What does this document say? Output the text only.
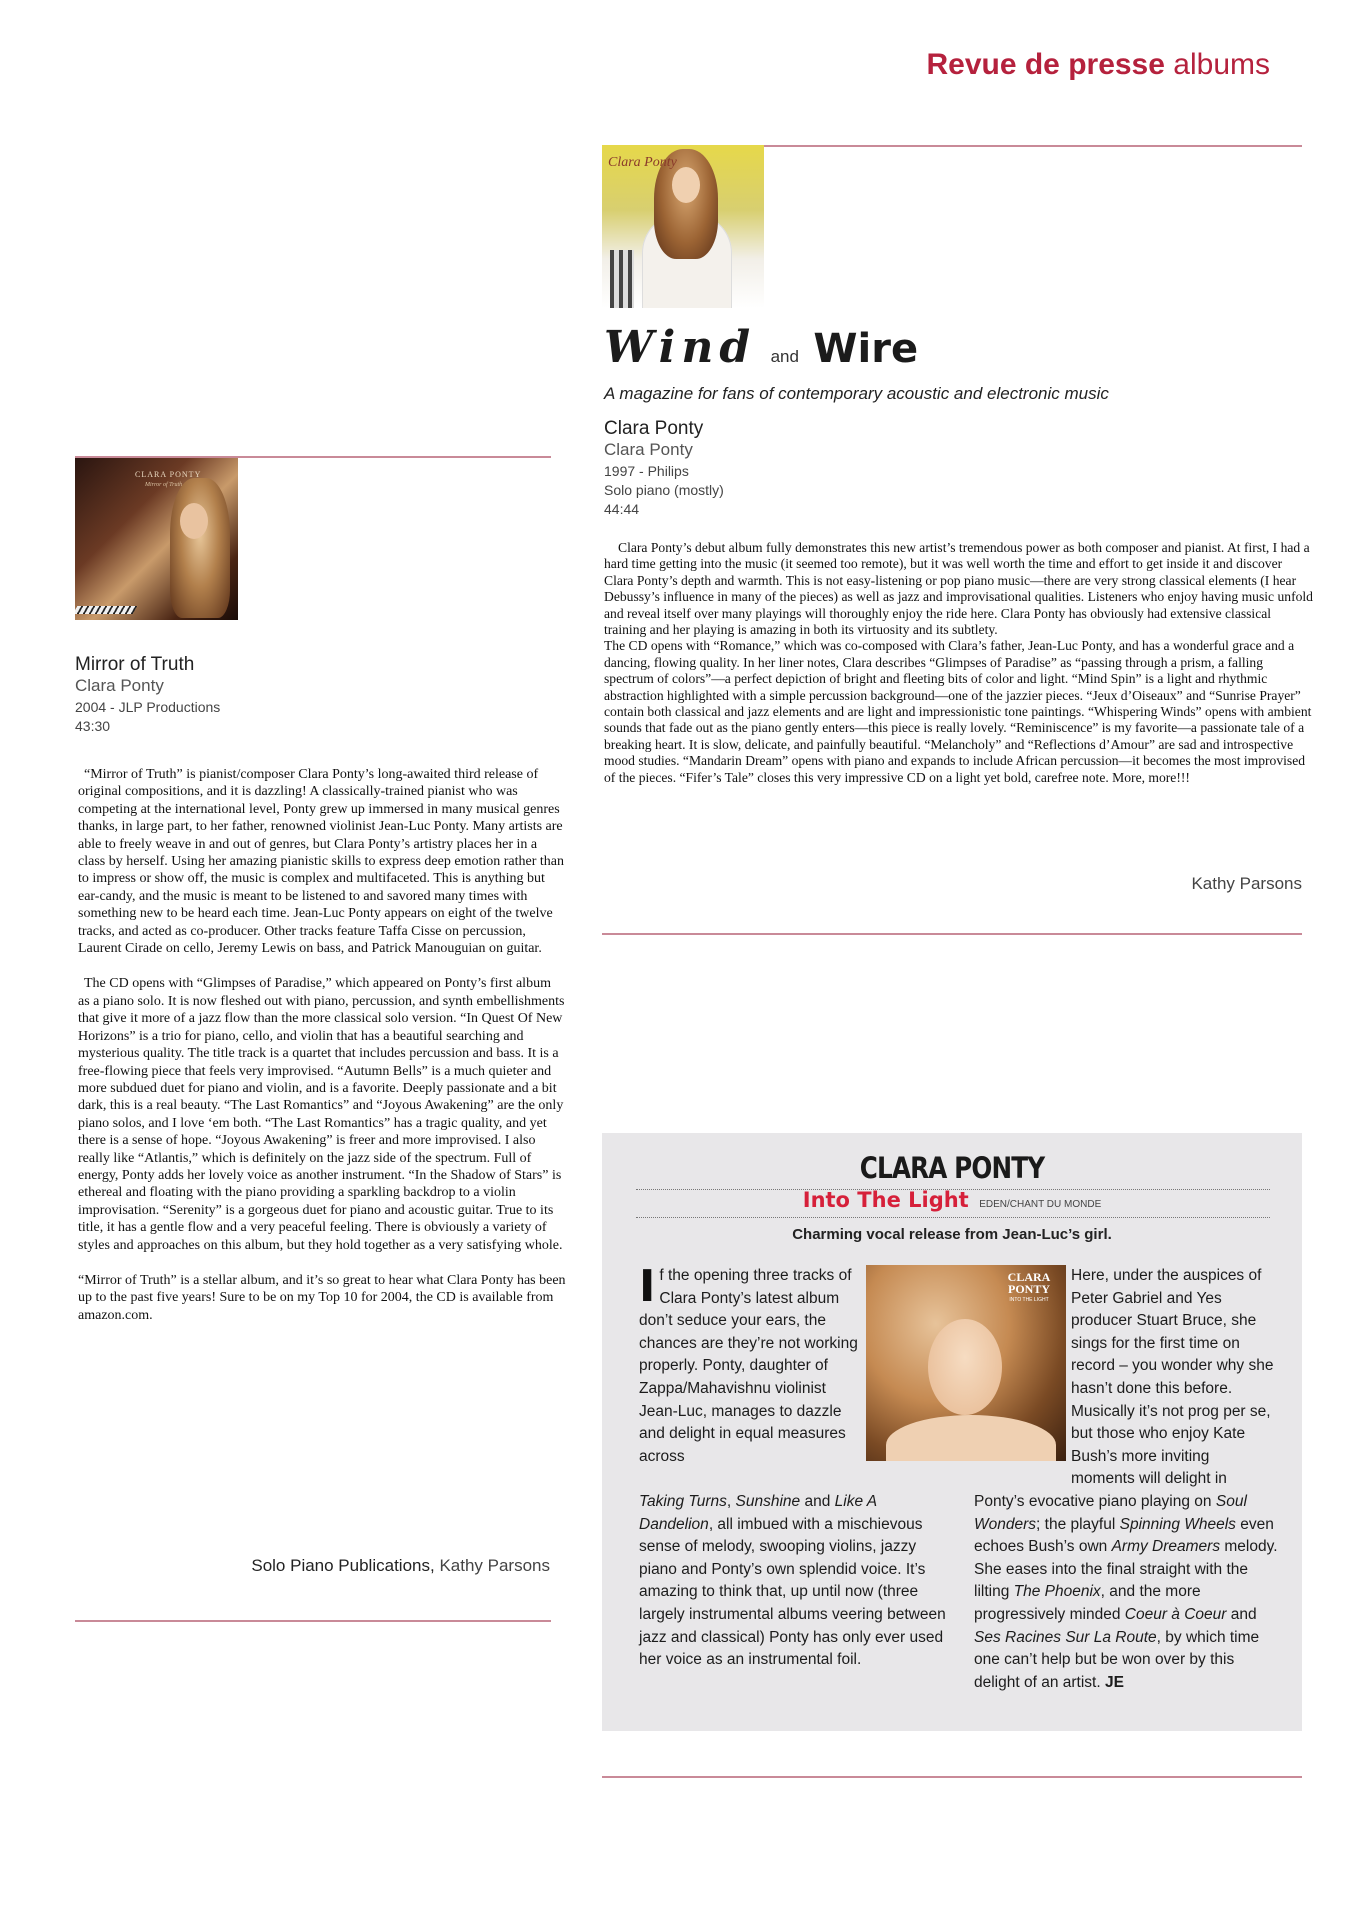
Revue de presse albums
CLARA PONTY
Mirror of Truth
Mirror of Truth
Clara Ponty
2004 - JLP Productions
43:30

“Mirror of Truth” is pianist/composer Clara Ponty’s long-awaited third release of original compositions, and it is dazzling! A classically-trained pianist who was competing at the international level, Ponty grew up immersed in many musical genres thanks, in large part, to her father, renowned violinist Jean-Luc Ponty. Many artists are able to freely weave in and out of genres, but Clara Ponty’s artistry places her in a class by herself. Using her amazing pianistic skills to express deep emotion rather than to impress or show off, the music is complex and multifaceted. This is anything but ear-candy, and the music is meant to be listened to and savored many times with something new to be heard each time. Jean-Luc Ponty appears on eight of the twelve tracks, and acted as co-producer. Other tracks feature Taffa Cisse on percussion, Laurent Cirade on cello, Jeremy Lewis on bass, and Patrick Manouguian on guitar.

The CD opens with “Glimpses of Paradise,” which appeared on Ponty’s first album as a piano solo. It is now fleshed out with piano, percussion, and synth embellishments that give it more of a jazz flow than the more classical solo version. “In Quest Of New Horizons” is a trio for piano, cello, and violin that has a beautiful searching and mysterious quality. The title track is a quartet that includes percussion and bass. It is a free-flowing piece that feels very improvised. “Autumn Bells” is a much quieter and more subdued duet for piano and violin, and is a favorite. Deeply passionate and a bit dark, this is a real beauty. “The Last Romantics” and “Joyous Awakening” are the only piano solos, and I love ‘em both. “The Last Romantics” has a tragic quality, and yet there is a sense of hope. “Joyous Awakening” is freer and more improvised. I also really like “Atlantis,” which is definitely on the jazz side of the spectrum. Full of energy, Ponty adds her lovely voice as another instrument. “In the Shadow of Stars” is ethereal and floating with the piano providing a sparkling backdrop to a violin improvisation. “Serenity” is a gorgeous duet for piano and acoustic guitar. True to its title, it has a gentle flow and a very peaceful feeling. There is obviously a variety of styles and approaches on this album, but they hold together as a very satisfying whole.

“Mirror of Truth” is a stellar album, and it’s so great to hear what Clara Ponty has been up to the past five years! Sure to be on my Top 10 for 2004, the CD is available from amazon.com.

Solo Piano Publications, Kathy Parsons
Clara Ponty
Wind and Wire
A magazine for fans of contemporary acoustic and electronic music
Clara Ponty
Clara Ponty
1997 - Philips
Solo piano (mostly)
44:44
Clara Ponty’s debut album fully demonstrates this new artist’s tremendous power as both composer and pianist. At first, I had a hard time getting into the music (it seemed too remote), but it was well worth the time and effort to get inside it and discover Clara Ponty’s depth and warmth. This is not easy-listening or pop piano music—there are very strong classical elements (I hear Debussy’s influence in many of the pieces) as well as jazz and improvisational qualities. Listeners who enjoy having music unfold and reveal itself over many playings will thoroughly enjoy the ride here. Clara Ponty has obviously had extensive classical training and her playing is amazing in both its virtuosity and its subtlety.
The CD opens with “Romance,” which was co-composed with Clara’s father, Jean-Luc Ponty, and has a wonderful grace and a dancing, flowing quality. In her liner notes, Clara describes “Glimpses of Paradise” as “passing through a prism, a falling spectrum of colors”—a perfect depiction of bright and fleeting bits of color and light. “Mind Spin” is a light and rhythmic abstraction highlighted with a simple percussion background—one of the jazzier pieces. “Jeux d’Oiseaux” and “Sunrise Prayer” contain both classical and jazz elements and are light and impressionistic tone paintings. “Whispering Winds” opens with ambient sounds that fade out as the piano gently enters—this piece is really lovely. “Reminiscence” is my favorite—a passionate tale of a breaking heart. It is slow, delicate, and painfully beautiful. “Melancholy” and “Reflections d’Amour” are sad and introspective mood studies. “Mandarin Dream” opens with piano and expands to include African percussion—it becomes the most improvised of the pieces. “Fifer’s Tale” closes this very impressive CD on a light yet bold, carefree note. More, more!!!
Kathy Parsons
CLARA PONTY
Into The Light EDEN/CHANT DU MONDE
Charming vocal release from Jean-Luc’s girl.
CLARA PONTY
INTO THE LIGHT

If the opening three tracks of Clara Ponty’s latest album don’t seduce your ears, the chances are they’re not working properly. Ponty, daughter of Zappa/Mahavishnu violinist Jean-Luc, manages to dazzle and delight in equal measures across

Taking Turns, Sunshine and Like A Dandelion, all imbued with a mischievous sense of melody, swooping violins, jazzy piano and Ponty’s own splendid voice. It’s amazing to think that, up until now (three largely instrumental albums veering between jazz and classical) Ponty has only ever used her voice as an instrumental foil.

Here, under the auspices of Peter Gabriel and Yes producer Stuart Bruce, she sings for the first time on record – you wonder why she hasn’t done this before. Musically it’s not prog per se, but those who enjoy Kate Bush’s more inviting moments will delight in

Ponty’s evocative piano playing on Soul Wonders; the playful Spinning Wheels even echoes Bush’s own Army Dreamers melody. She eases into the final straight with the lilting The Phoenix, and the more progressively minded Coeur à Coeur and Ses Racines Sur La Route, by which time one can’t help but be won over by this delight of an artist. JE
